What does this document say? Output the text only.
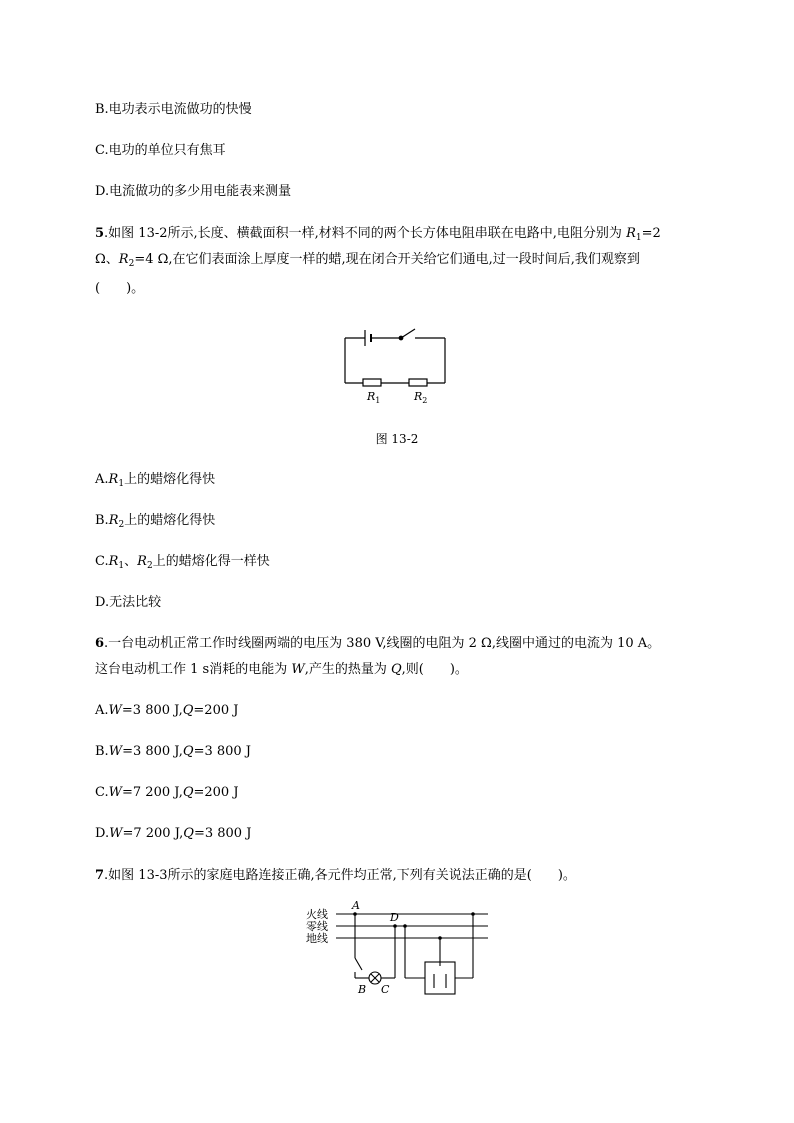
B.电功表示电流做功的快慢
C.电功的单位只有焦耳
D.电流做功的多少用电能表来测量
5.如图 13-2所示,长度、横截面积一样,材料不同的两个长方体电阻串联在电路中,电阻分别为 $R_1=2$
Ω、$R_2=4$ Ω,在它们表面涂上厚度一样的蜡,现在闭合开关给它们通电,过一段时间后,我们观察到
(　　)。
$R_1$	$R_2$
图 13-2
$A.R_1$上的蜡熔化得快
$B.R_2$上的蜡熔化得快
$C.R_1$、$R_2$上的蜡熔化得一样快
D.无法比较
6.一台电动机正常工作时线圈两端的电压为 380 V,线圈的电阻为 2 Ω,线圈中通过的电流为 10 A。
这台电动机工作 1 s消耗的电能为 W,产生的热量为 Q,则(　　)。
A.W=3 800 J,Q=200 J
B.W=3 800 J,Q=3 800 J
C.W=7 200 J,Q=200 J
D.W=7 200 J,Q=3 800 J
7.如图 13-3所示的家庭电路连接正确,各元件均正常,下列有关说法正确的是(　　)。
火线
零线
地线
A
D
B C
